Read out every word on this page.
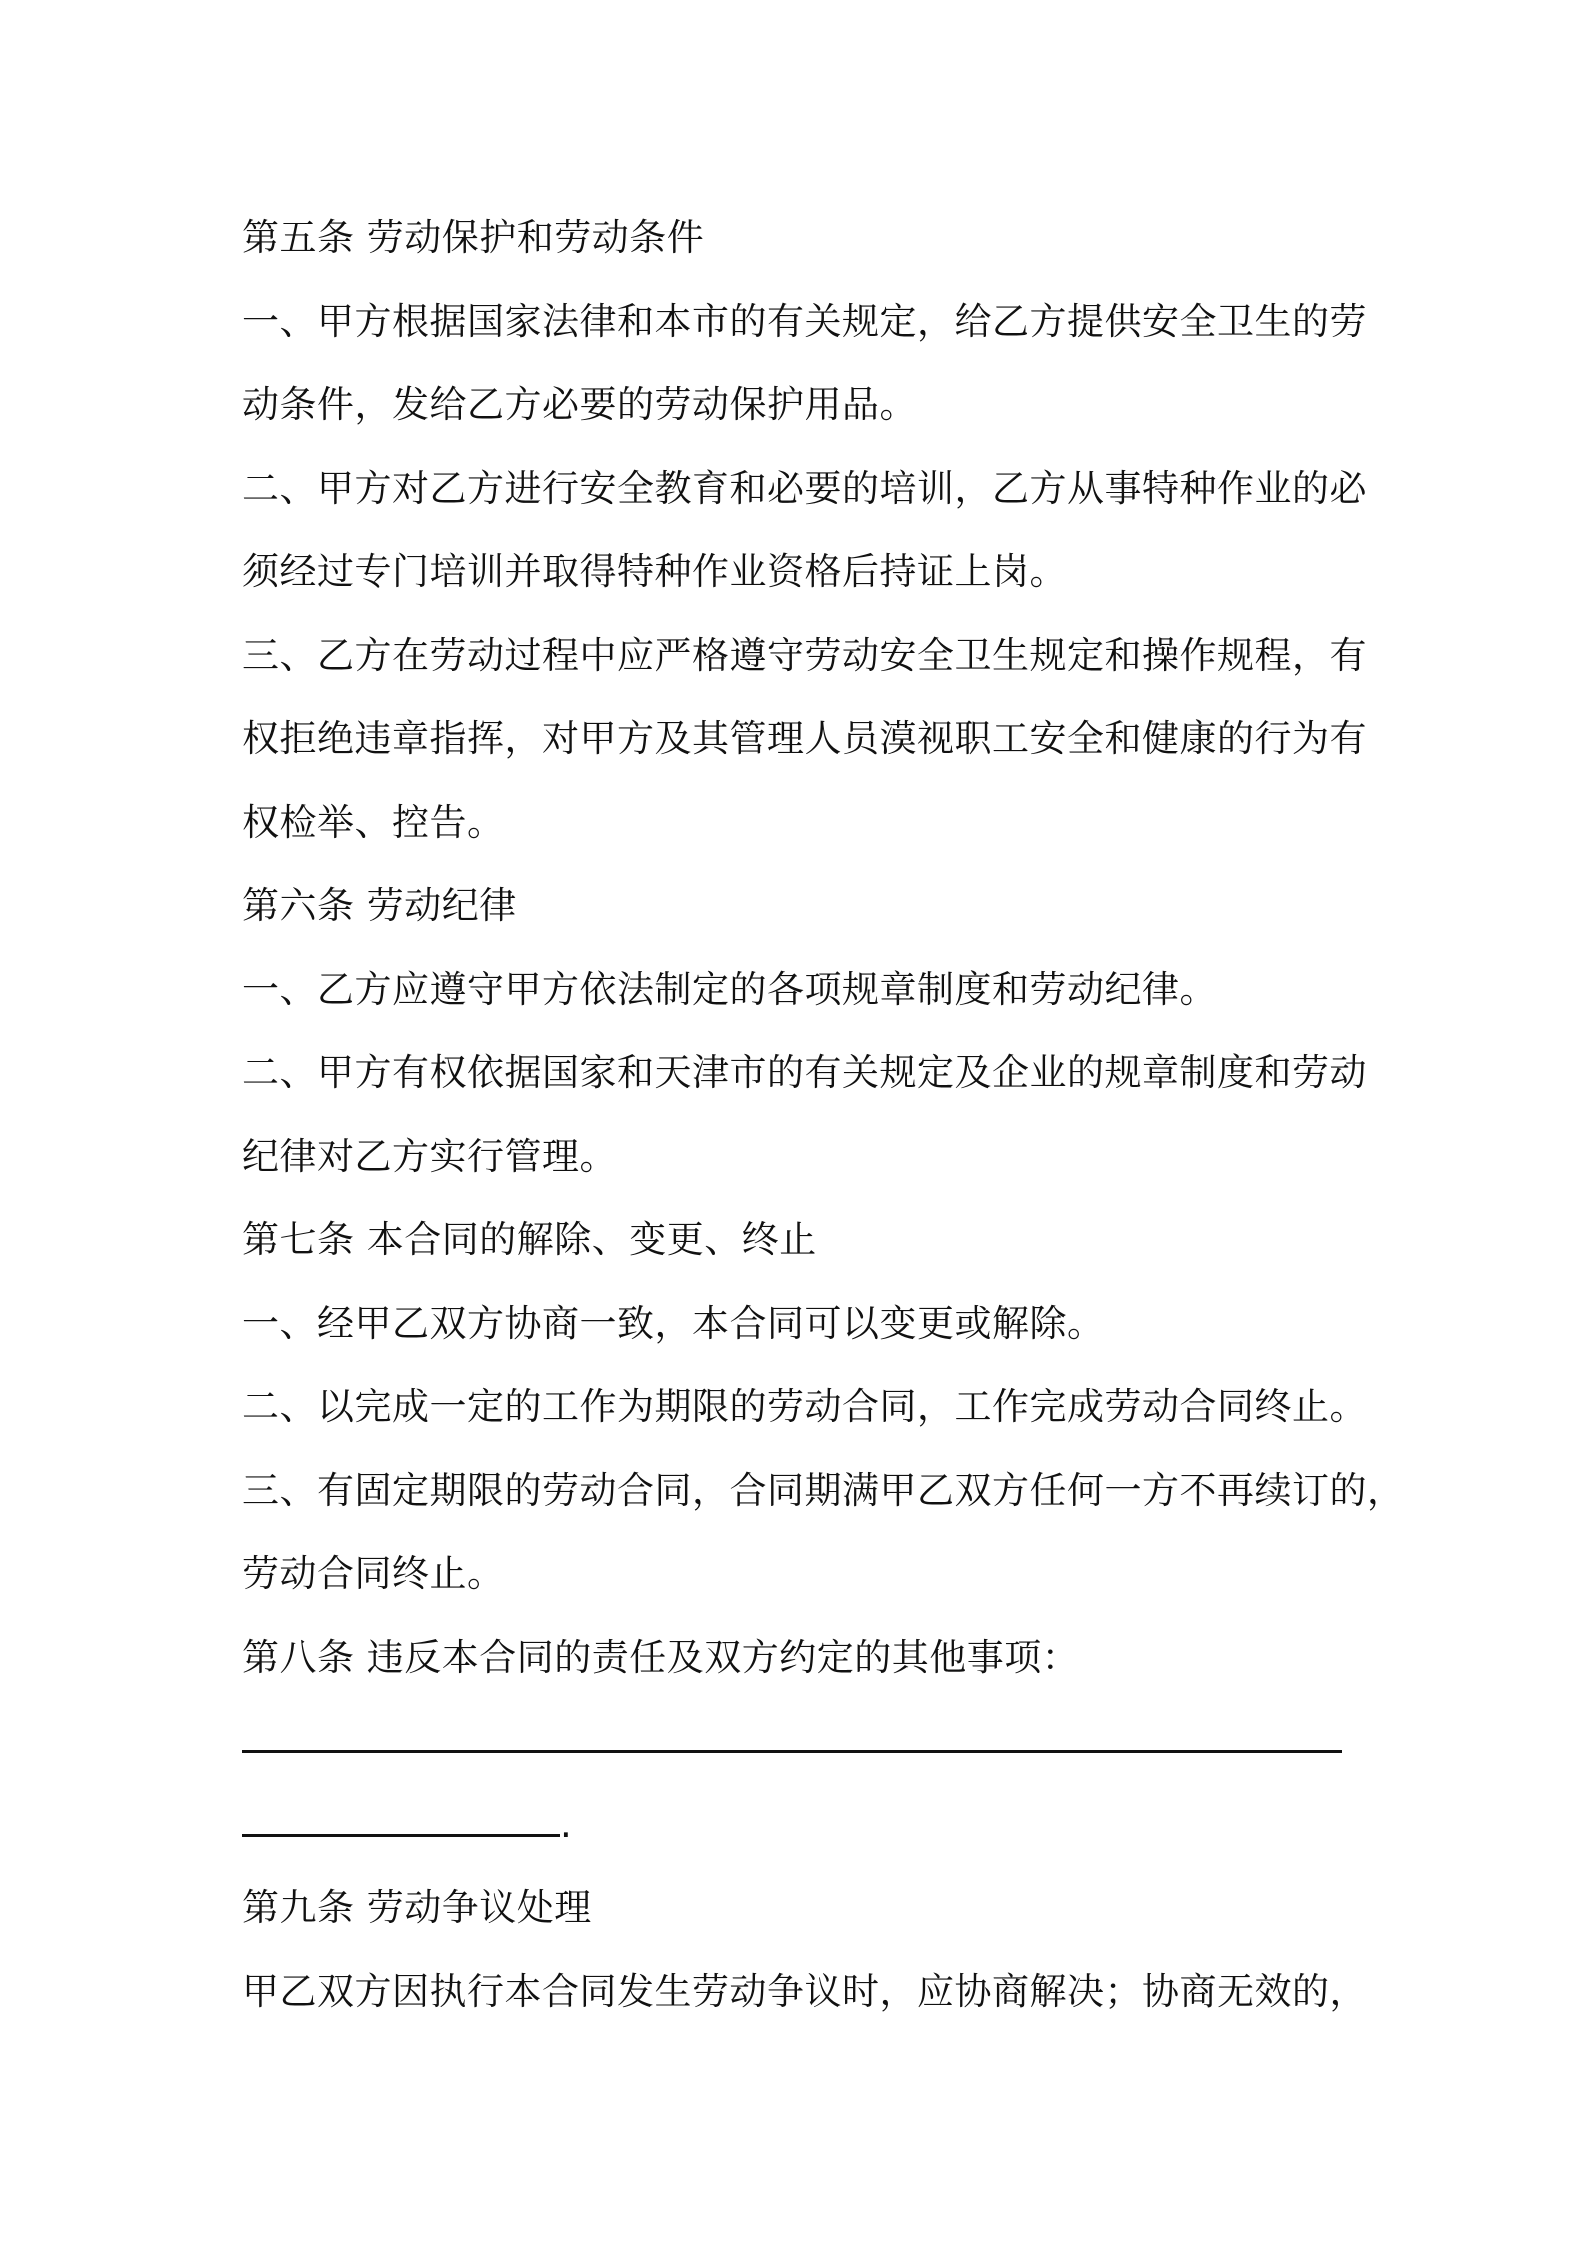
第五条 劳动保护和劳动条件
一、甲方根据国家法律和本市的有关规定，给乙方提供安全卫生的劳
动条件，发给乙方必要的劳动保护用品。
二、甲方对乙方进行安全教育和必要的培训，乙方从事特种作业的必
须经过专门培训并取得特种作业资格后持证上岗。
三、乙方在劳动过程中应严格遵守劳动安全卫生规定和操作规程，有
权拒绝违章指挥，对甲方及其管理人员漠视职工安全和健康的行为有
权检举、控告。
第六条 劳动纪律
一、乙方应遵守甲方依法制定的各项规章制度和劳动纪律。
二、甲方有权依据国家和天津市的有关规定及企业的规章制度和劳动
纪律对乙方实行管理。
第七条 本合同的解除、变更、终止
一、经甲乙双方协商一致，本合同可以变更或解除。
二、以完成一定的工作为期限的劳动合同，工作完成劳动合同终止。
三、有固定期限的劳动合同，合同期满甲乙双方任何一方不再续订的，
劳动合同终止。
第八条 违反本合同的责任及双方约定的其他事项：
.
第九条 劳动争议处理
甲乙双方因执行本合同发生劳动争议时，应协商解决；协商无效的，
